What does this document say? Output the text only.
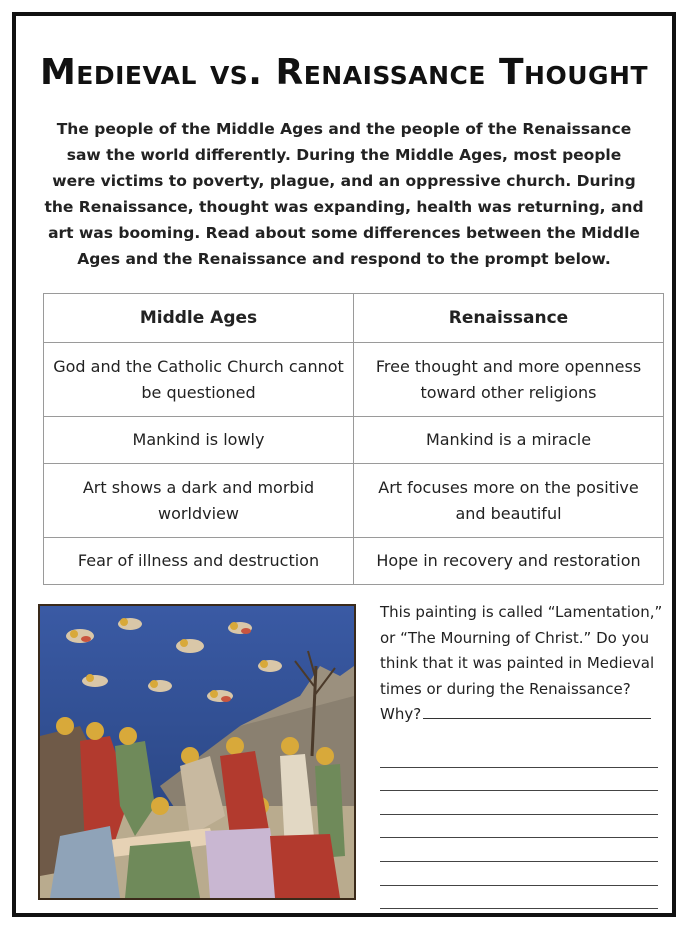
Medieval vs. Renaissance Thought
The people of the Middle Ages and the people of the Renaissance saw the world differently. During the Middle Ages, most people were victims to poverty, plague, and an oppressive church. During the Renaissance, thought was expanding, health was returning, and art was booming. Read about some differences between the Middle Ages and the Renaissance and respond to the prompt below.
Middle Ages	Renaissance
God and the Catholic Church cannot be questioned	Free thought and more openness toward other religions
Mankind is lowly	Mankind is a miracle
Art shows a dark and morbid worldview	Art focuses more on the positive and beautiful
Fear of illness and destruction	Hope in recovery and restoration
This painting is called “Lamentation,” or “The Mourning of Christ.” Do you think that it was painted in Medieval times or during the Renaissance?
Why?
